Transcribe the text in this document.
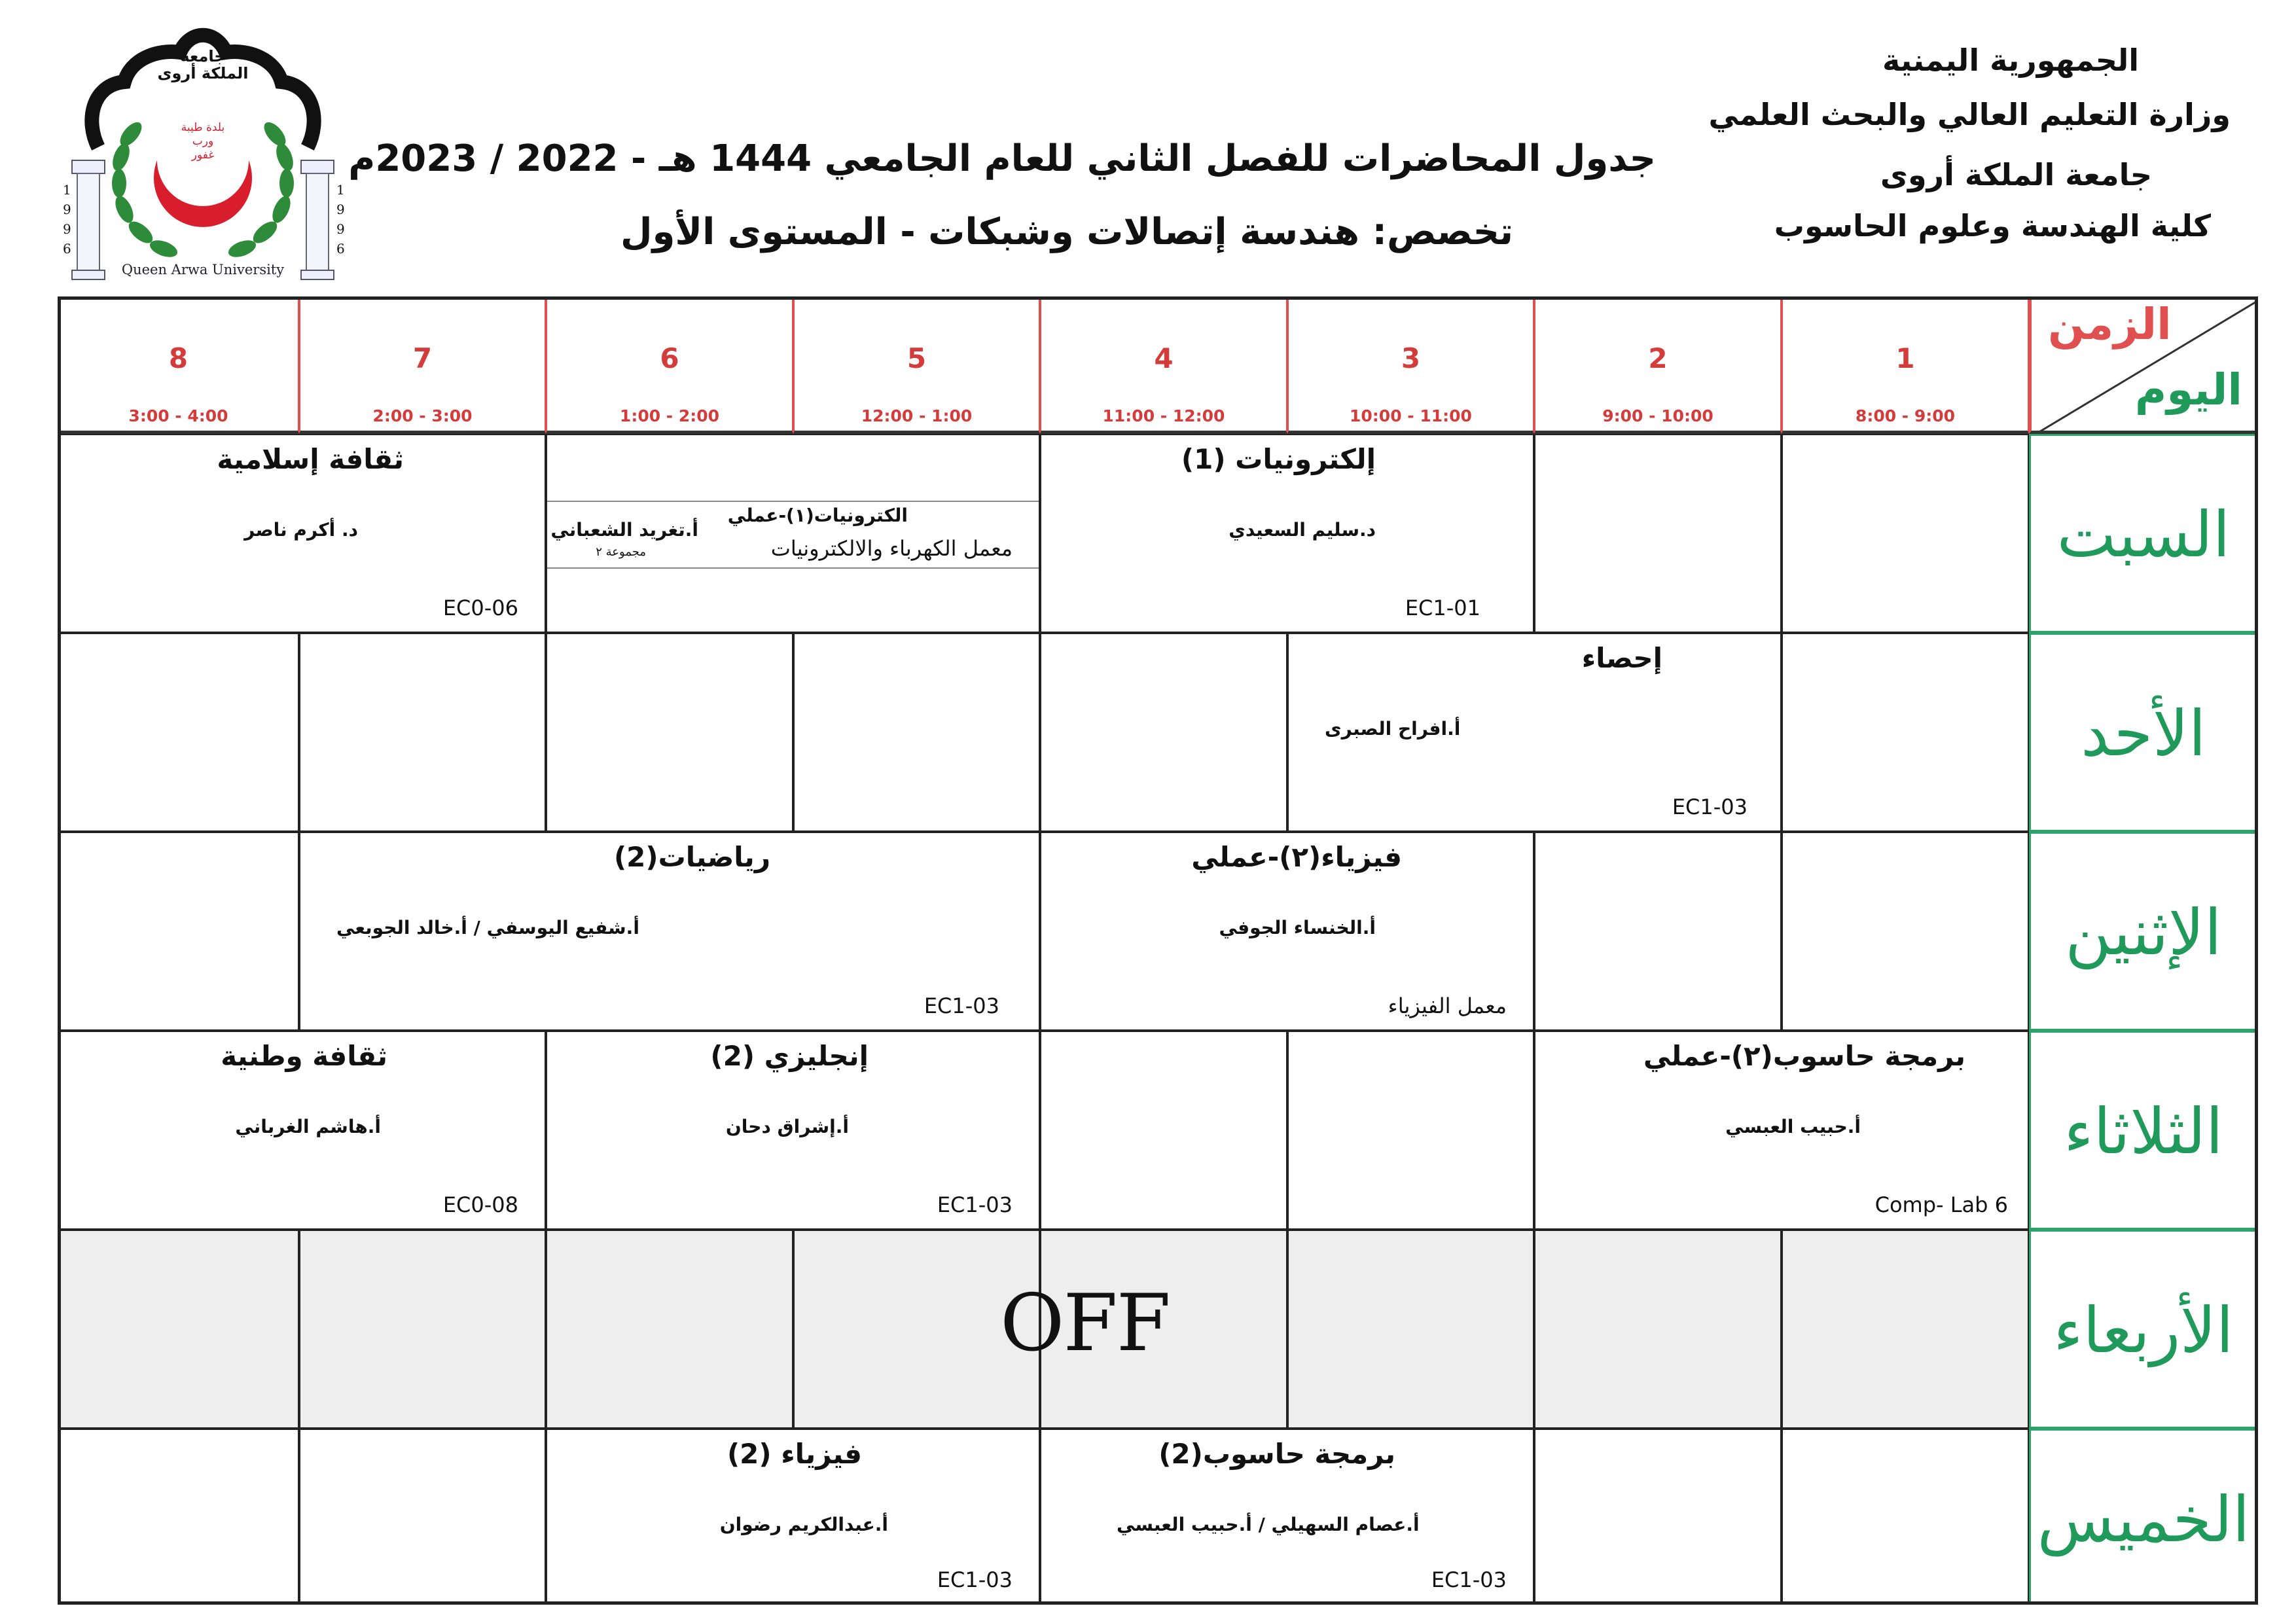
الجمهورية اليمنية
وزارة التعليم العالي والبحث العلمي
جامعة الملكة أروى
كلية الهندسة وعلوم الحاسوب
جدول المحاضرات للفصل الثاني للعام الجامعي 1444 هـ - 2022 / 2023م
تخصص: هندسة إتصالات وشبكات - المستوى الأول
جامعة الملكة أروى
بلدة طيبة ورب غفور
1996
1996
Queen Arwa University
الزمن
اليوم
1
8:00 - 9:00
2
9:00 - 10:00
3
10:00 - 11:00
4
11:00 - 12:00
5
12:00 - 1:00
6
1:00 - 2:00
7
2:00 - 3:00
8
3:00 - 4:00
السبت
الأحد
الإثنين
الثلاثاء
الأربعاء
الخميس
إلكترونيات (1)
د.سليم السعيدي
EC1-01
الكترونيات(١)-عملي
أ.تغريد الشعباني
مجموعة ٢	معمل الكهرباء والالكترونيات
ثقافة إسلامية
د. أكرم ناصر
EC0-06
إحصاء
أ.افراح الصبرى
EC1-03
فيزياء(٢)-عملي
أ.الخنساء الجوفي
معمل الفيزياء
رياضيات(2)
أ.شفيع اليوسفي / أ.خالد الجوبعي
EC1-03
برمجة حاسوب(٢)-عملي
أ.حبيب العبسي
Comp- Lab 6
إنجليزي (2)
أ.إشراق دحان
EC1-03
ثقافة وطنية
أ.هاشم الغرباني
EC0-08
OFF
برمجة حاسوب(2)
أ.عصام السهيلي / أ.حبيب العبسي
EC1-03
فيزياء (2)
أ.عبدالكريم رضوان
EC1-03
